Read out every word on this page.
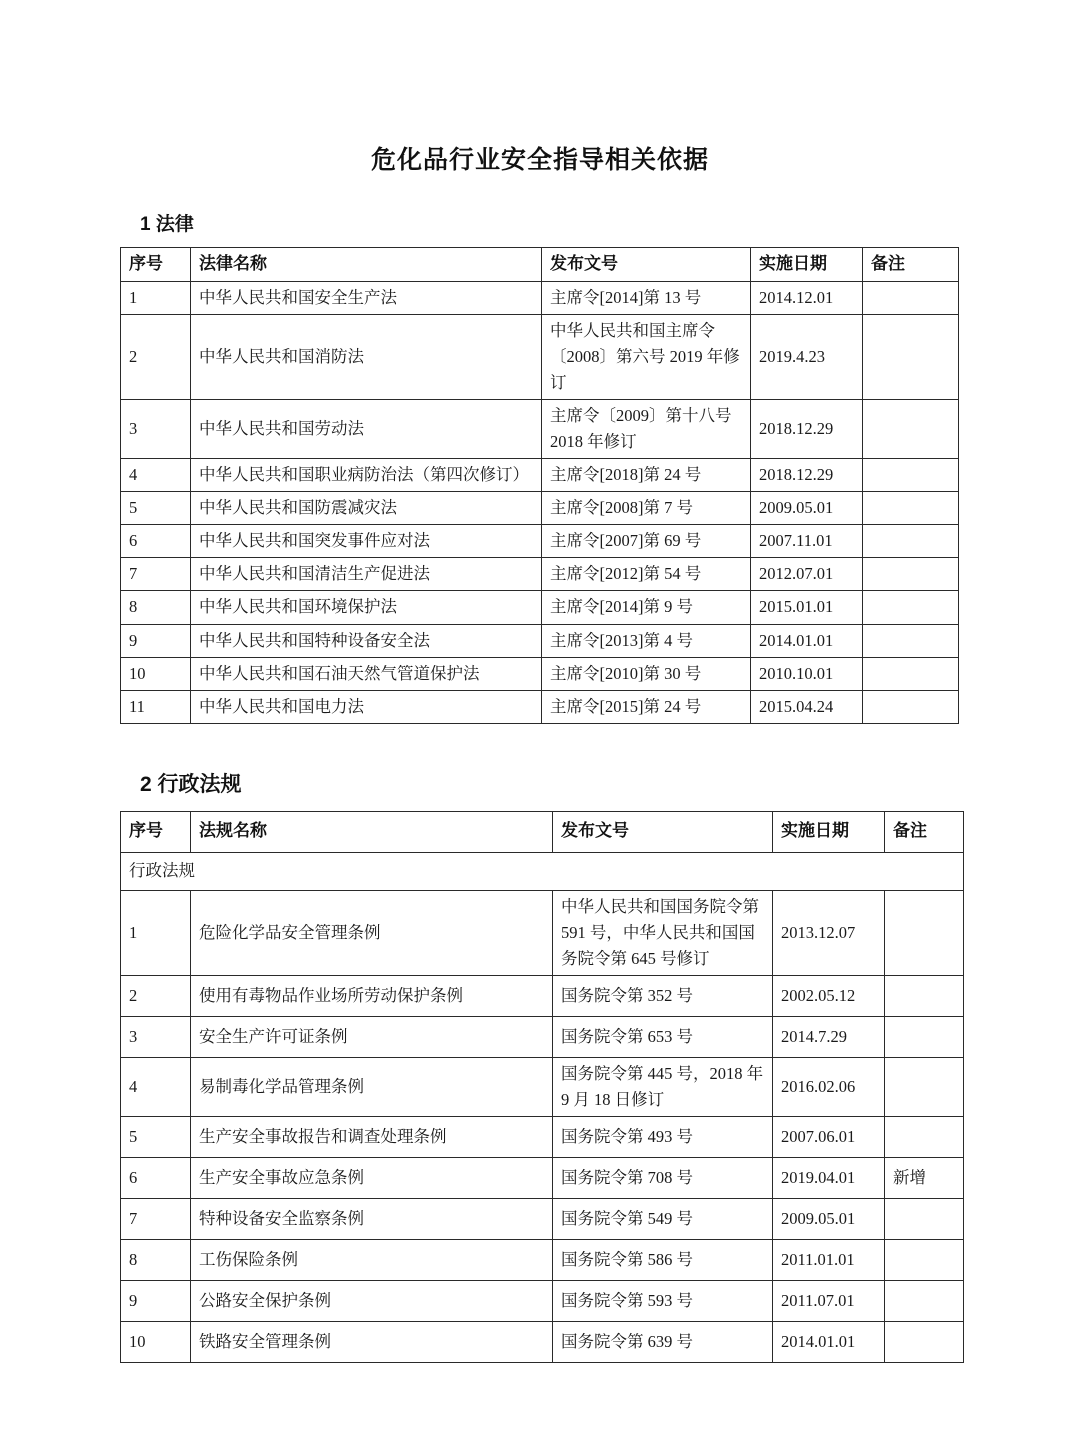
危化品行业安全指导相关依据
1 法律
序号	法律名称	发布文号	实施日期	备注
1	中华人民共和国安全生产法	主席令[2014]第 13 号	2014.12.01	
2	中华人民共和国消防法	中华人民共和国主席令〔2008〕第六号 2019 年修订	2019.4.23	
3	中华人民共和国劳动法	主席令〔2009〕第十八号 2018 年修订	2018.12.29	
4	中华人民共和国职业病防治法（第四次修订）	主席令[2018]第 24 号	2018.12.29	
5	中华人民共和国防震减灾法	主席令[2008]第 7 号	2009.05.01	
6	中华人民共和国突发事件应对法	主席令[2007]第 69 号	2007.11.01	
7	中华人民共和国清洁生产促进法	主席令[2012]第 54 号	2012.07.01	
8	中华人民共和国环境保护法	主席令[2014]第 9 号	2015.01.01	
9	中华人民共和国特种设备安全法	主席令[2013]第 4 号	2014.01.01	
10	中华人民共和国石油天然气管道保护法	主席令[2010]第 30 号	2010.10.01	
11	中华人民共和国电力法	主席令[2015]第 24 号	2015.04.24	
2 行政法规
序号	法规名称	发布文号	实施日期	备注
行政法规				
1	危险化学品安全管理条例	中华人民共和国国务院令第 591 号，中华人民共和国国务院令第 645 号修订	2013.12.07	
2	使用有毒物品作业场所劳动保护条例	国务院令第 352 号	2002.05.12	
3	安全生产许可证条例	国务院令第 653 号	2014.7.29	
4	易制毒化学品管理条例	国务院令第 445 号，2018 年 9 月 18 日修订	2016.02.06	
5	生产安全事故报告和调查处理条例	国务院令第 493 号	2007.06.01	
6	生产安全事故应急条例	国务院令第 708 号	2019.04.01	新增
7	特种设备安全监察条例	国务院令第 549 号	2009.05.01	
8	工伤保险条例	国务院令第 586 号	2011.01.01	
9	公路安全保护条例	国务院令第 593 号	2011.07.01	
10	铁路安全管理条例	国务院令第 639 号	2014.01.01	
